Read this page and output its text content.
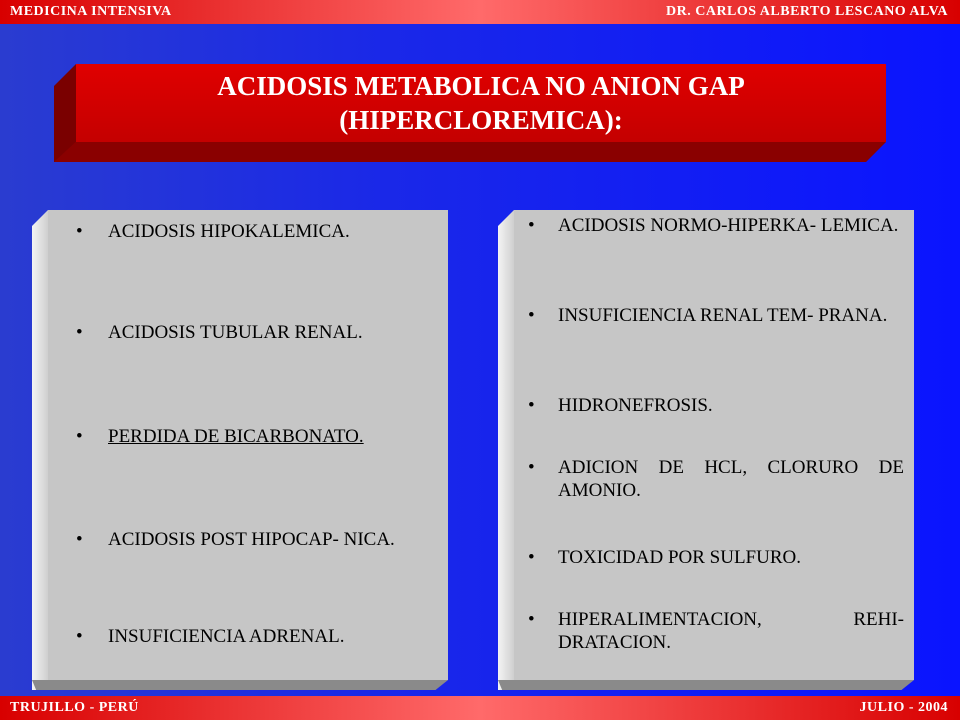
MEDICINA INTENSIVA	DR. CARLOS ALBERTO LESCANO ALVA
ACIDOSIS METABOLICA NO ANION GAP
(HIPERCLOREMICA):
• ACIDOSIS HIPOKALEMICA.
• ACIDOSIS TUBULAR RENAL.
• PERDIDA DE BICARBONATO.
• ACIDOSIS POST HIPOCAP- NICA.
• INSUFICIENCIA ADRENAL.
• ACIDOSIS NORMO-HIPERKA- LEMICA.
• INSUFICIENCIA RENAL TEM- PRANA.
• HIDRONEFROSIS.
• ADICION DE HCL, CLORURO DE AMONIO.
• TOXICIDAD POR SULFURO.
• HIPERALIMENTACION, REHI- DRATACION.
TRUJILLO - PERÚ	JULIO - 2004
